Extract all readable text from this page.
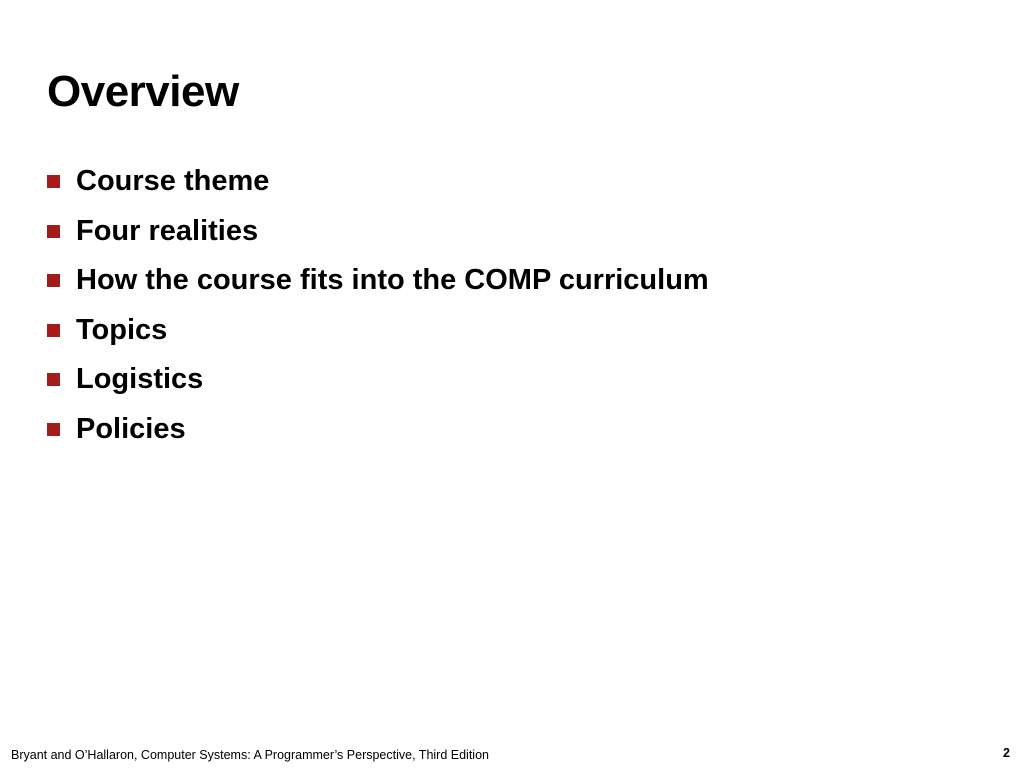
Overview
Course theme
Four realities
How the course fits into the COMP curriculum
Topics
Logistics
Policies
Bryant and O’Hallaron, Computer Systems: A Programmer’s Perspective, Third Edition	2
